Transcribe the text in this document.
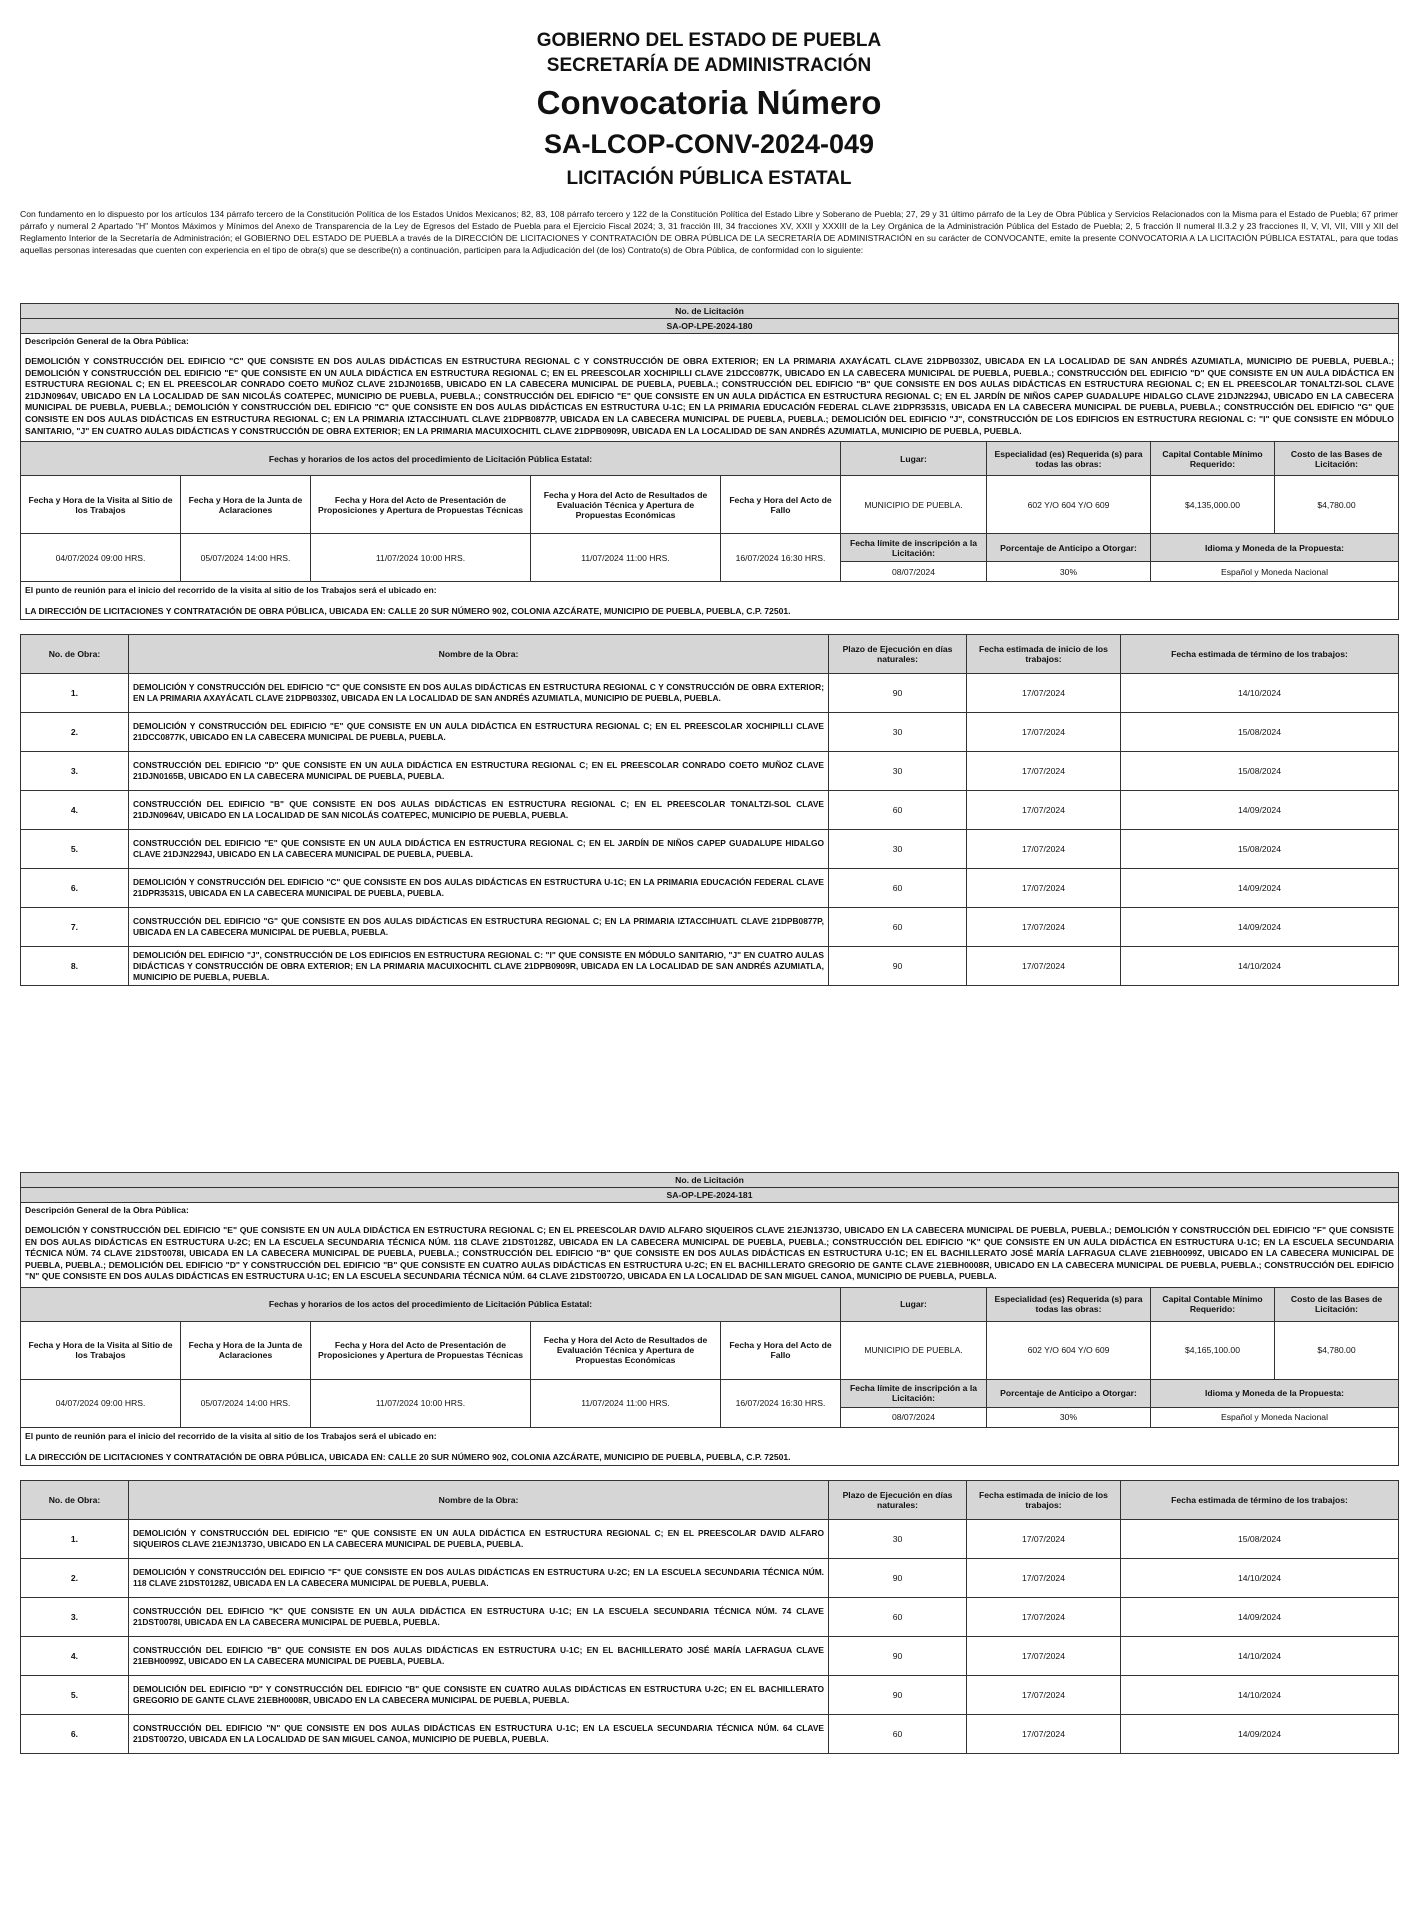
GOBIERNO DEL ESTADO DE PUEBLA
SECRETARÍA DE ADMINISTRACIÓN
Convocatoria Número
SA-LCOP-CONV-2024-049
LICITACIÓN PÚBLICA ESTATAL
Con fundamento en lo dispuesto por los artículos 134 párrafo tercero de la Constitución Política de los Estados Unidos Mexicanos; 82, 83, 108 párrafo tercero y 122 de la Constitución Política del Estado Libre y Soberano de Puebla; 27, 29 y 31 último párrafo de la Ley de Obra Pública y Servicios Relacionados con la Misma para el Estado de Puebla; 67 primer párrafo y numeral 2 Apartado "H" Montos Máximos y Mínimos del Anexo de Transparencia de la Ley de Egresos del Estado de Puebla para el Ejercicio Fiscal 2024; 3, 31 fracción III, 34 fracciones XV, XXII y XXXIII de la Ley Orgánica de la Administración Pública del Estado de Puebla; 2, 5 fracción II numeral II.3.2 y 23 fracciones II, V, VI, VII, VIII y XII del Reglamento Interior de la Secretaría de Administración; el GOBIERNO DEL ESTADO DE PUEBLA a través de la DIRECCIÓN DE LICITACIONES Y CONTRATACIÓN DE OBRA PÚBLICA DE LA SECRETARÍA DE ADMINISTRACIÓN en su carácter de CONVOCANTE, emite la presente CONVOCATORIA A LA LICITACIÓN PÚBLICA ESTATAL, para que todas aquellas personas interesadas que cuenten con experiencia en el tipo de obra(s) que se describe(n) a continuación, participen para la Adjudicación del (de los) Contrato(s) de Obra Pública, de conformidad con lo siguiente:
No. de Licitación								
SA-OP-LPE-2024-180								
Descripción General de la Obra Pública:								
DEMOLICIÓN Y CONSTRUCCIÓN DEL EDIFICIO "C" QUE CONSISTE EN DOS AULAS DIDÁCTICAS EN ESTRUCTURA REGIONAL C Y CONSTRUCCIÓN DE OBRA EXTERIOR; EN LA PRIMARIA AXAYÁCATL CLAVE 21DPB0330Z, UBICADA EN LA LOCALIDAD DE SAN ANDRÉS AZUMIATLA, MUNICIPIO DE PUEBLA, PUEBLA.; DEMOLICIÓN Y CONSTRUCCIÓN DEL EDIFICIO "E" QUE CONSISTE EN UN AULA DIDÁCTICA EN ESTRUCTURA REGIONAL C; EN EL PREESCOLAR XOCHIPILLI CLAVE 21DCC0877K, UBICADO EN LA CABECERA MUNICIPAL DE PUEBLA, PUEBLA.; CONSTRUCCIÓN DEL EDIFICIO "D" QUE CONSISTE EN UN AULA DIDÁCTICA EN ESTRUCTURA REGIONAL C; EN EL PREESCOLAR CONRADO COETO MUÑOZ CLAVE 21DJN0165B, UBICADO EN LA CABECERA MUNICIPAL DE PUEBLA, PUEBLA.; CONSTRUCCIÓN DEL EDIFICIO "B" QUE CONSISTE EN DOS AULAS DIDÁCTICAS EN ESTRUCTURA REGIONAL C; EN EL PREESCOLAR TONALTZI-SOL CLAVE 21DJN0964V, UBICADO EN LA LOCALIDAD DE SAN NICOLÁS COATEPEC, MUNICIPIO DE PUEBLA, PUEBLA.; CONSTRUCCIÓN DEL EDIFICIO "E" QUE CONSISTE EN UN AULA DIDÁCTICA EN ESTRUCTURA REGIONAL C; EN EL JARDÍN DE NIÑOS CAPEP GUADALUPE HIDALGO CLAVE 21DJN2294J, UBICADO EN LA CABECERA MUNICIPAL DE PUEBLA, PUEBLA.; DEMOLICIÓN Y CONSTRUCCIÓN DEL EDIFICIO "C" QUE CONSISTE EN DOS AULAS DIDÁCTICAS EN ESTRUCTURA U-1C; EN LA PRIMARIA EDUCACIÓN FEDERAL CLAVE 21DPR3531S, UBICADA EN LA CABECERA MUNICIPAL DE PUEBLA, PUEBLA.; CONSTRUCCIÓN DEL EDIFICIO "G" QUE CONSISTE EN DOS AULAS DIDÁCTICAS EN ESTRUCTURA REGIONAL C; EN LA PRIMARIA IZTACCIHUATL CLAVE 21DPB0877P, UBICADA EN LA CABECERA MUNICIPAL DE PUEBLA, PUEBLA.; DEMOLICIÓN DEL EDIFICIO "J", CONSTRUCCIÓN DE LOS EDIFICIOS EN ESTRUCTURA REGIONAL C: "I" QUE CONSISTE EN MÓDULO SANITARIO, "J" EN CUATRO AULAS DIDÁCTICAS Y CONSTRUCCIÓN DE OBRA EXTERIOR; EN LA PRIMARIA MACUIXOCHITL CLAVE 21DPB0909R, UBICADA EN LA LOCALIDAD DE SAN ANDRÉS AZUMIATLA, MUNICIPIO DE PUEBLA, PUEBLA.								
Fechas y horarios de los actos del procedimiento de Licitación Pública Estatal:					Lugar:	Especialidad (es) Requerida (s) para todas las obras:	Capital Contable Mínimo Requerido:	Costo de las Bases de Licitación:
Fecha y Hora de la Visita al Sitio de los Trabajos	Fecha y Hora de la Junta de Aclaraciones	Fecha y Hora del Acto de Presentación de Proposiciones y Apertura de Propuestas Técnicas	Fecha y Hora del Acto de Resultados de Evaluación Técnica y Apertura de Propuestas Económicas	Fecha y Hora del Acto de Fallo	MUNICIPIO DE PUEBLA.	602 Y/O 604 Y/O 609	$4,135,000.00	$4,780.00
04/07/2024 09:00 HRS.	05/07/2024 14:00 HRS.	11/07/2024 10:00 HRS.	11/07/2024 11:00 HRS.	16/07/2024 16:30 HRS.	Fecha límite de inscripción a la Licitación:	Porcentaje de Anticipo a Otorgar:	Idioma y Moneda de la Propuesta:	
					08/07/2024	30%	Español y Moneda Nacional	
El punto de reunión para el inicio del recorrido de la visita al sitio de los Trabajos será el ubicado en:								
LA DIRECCIÓN DE LICITACIONES Y CONTRATACIÓN DE OBRA PÚBLICA, UBICADA EN: CALLE 20 SUR NÚMERO 902, COLONIA AZCÁRATE, MUNICIPIO DE PUEBLA, PUEBLA, C.P. 72501.								
No. de Obra:	Nombre de la Obra:	Plazo de Ejecución en días naturales:	Fecha estimada de inicio de los trabajos:	Fecha estimada de término de los trabajos:
1.	DEMOLICIÓN Y CONSTRUCCIÓN DEL EDIFICIO "C" QUE CONSISTE EN DOS AULAS DIDÁCTICAS EN ESTRUCTURA REGIONAL C Y CONSTRUCCIÓN DE OBRA EXTERIOR; EN LA PRIMARIA AXAYÁCATL CLAVE 21DPB0330Z, UBICADA EN LA LOCALIDAD DE SAN ANDRÉS AZUMIATLA, MUNICIPIO DE PUEBLA, PUEBLA.	90	17/07/2024	14/10/2024
2.	DEMOLICIÓN Y CONSTRUCCIÓN DEL EDIFICIO "E" QUE CONSISTE EN UN AULA DIDÁCTICA EN ESTRUCTURA REGIONAL C; EN EL PREESCOLAR XOCHIPILLI CLAVE 21DCC0877K, UBICADO EN LA CABECERA MUNICIPAL DE PUEBLA, PUEBLA.	30	17/07/2024	15/08/2024
3.	CONSTRUCCIÓN DEL EDIFICIO "D" QUE CONSISTE EN UN AULA DIDÁCTICA EN ESTRUCTURA REGIONAL C; EN EL PREESCOLAR CONRADO COETO MUÑOZ CLAVE 21DJN0165B, UBICADO EN LA CABECERA MUNICIPAL DE PUEBLA, PUEBLA.	30	17/07/2024	15/08/2024
4.	CONSTRUCCIÓN DEL EDIFICIO "B" QUE CONSISTE EN DOS AULAS DIDÁCTICAS EN ESTRUCTURA REGIONAL C; EN EL PREESCOLAR TONALTZI-SOL CLAVE 21DJN0964V, UBICADO EN LA LOCALIDAD DE SAN NICOLÁS COATEPEC, MUNICIPIO DE PUEBLA, PUEBLA.	60	17/07/2024	14/09/2024
5.	CONSTRUCCIÓN DEL EDIFICIO "E" QUE CONSISTE EN UN AULA DIDÁCTICA EN ESTRUCTURA REGIONAL C; EN EL JARDÍN DE NIÑOS CAPEP GUADALUPE HIDALGO CLAVE 21DJN2294J, UBICADO EN LA CABECERA MUNICIPAL DE PUEBLA, PUEBLA.	30	17/07/2024	15/08/2024
6.	DEMOLICIÓN Y CONSTRUCCIÓN DEL EDIFICIO "C" QUE CONSISTE EN DOS AULAS DIDÁCTICAS EN ESTRUCTURA U-1C; EN LA PRIMARIA EDUCACIÓN FEDERAL CLAVE 21DPR3531S, UBICADA EN LA CABECERA MUNICIPAL DE PUEBLA, PUEBLA.	60	17/07/2024	14/09/2024
7.	CONSTRUCCIÓN DEL EDIFICIO "G" QUE CONSISTE EN DOS AULAS DIDÁCTICAS EN ESTRUCTURA REGIONAL C; EN LA PRIMARIA IZTACCIHUATL CLAVE 21DPB0877P, UBICADA EN LA CABECERA MUNICIPAL DE PUEBLA, PUEBLA.	60	17/07/2024	14/09/2024
8.	DEMOLICIÓN DEL EDIFICIO "J", CONSTRUCCIÓN DE LOS EDIFICIOS EN ESTRUCTURA REGIONAL C: "I" QUE CONSISTE EN MÓDULO SANITARIO, "J" EN CUATRO AULAS DIDÁCTICAS Y CONSTRUCCIÓN DE OBRA EXTERIOR; EN LA PRIMARIA MACUIXOCHITL CLAVE 21DPB0909R, UBICADA EN LA LOCALIDAD DE SAN ANDRÉS AZUMIATLA, MUNICIPIO DE PUEBLA, PUEBLA.	90	17/07/2024	14/10/2024
No. de Licitación								
SA-OP-LPE-2024-181								
Descripción General de la Obra Pública:								
DEMOLICIÓN Y CONSTRUCCIÓN DEL EDIFICIO "E" QUE CONSISTE EN UN AULA DIDÁCTICA EN ESTRUCTURA REGIONAL C; EN EL PREESCOLAR DAVID ALFARO SIQUEIROS CLAVE 21EJN1373O, UBICADO EN LA CABECERA MUNICIPAL DE PUEBLA, PUEBLA.; DEMOLICIÓN Y CONSTRUCCIÓN DEL EDIFICIO "F" QUE CONSISTE EN DOS AULAS DIDÁCTICAS EN ESTRUCTURA U-2C; EN LA ESCUELA SECUNDARIA TÉCNICA NÚM. 118 CLAVE 21DST0128Z, UBICADA EN LA CABECERA MUNICIPAL DE PUEBLA, PUEBLA.; CONSTRUCCIÓN DEL EDIFICIO "K" QUE CONSISTE EN UN AULA DIDÁCTICA EN ESTRUCTURA U-1C; EN LA ESCUELA SECUNDARIA TÉCNICA NÚM. 74 CLAVE 21DST0078I, UBICADA EN LA CABECERA MUNICIPAL DE PUEBLA, PUEBLA.; CONSTRUCCIÓN DEL EDIFICIO "B" QUE CONSISTE EN DOS AULAS DIDÁCTICAS EN ESTRUCTURA U-1C; EN EL BACHILLERATO JOSÉ MARÍA LAFRAGUA CLAVE 21EBH0099Z, UBICADO EN LA CABECERA MUNICIPAL DE PUEBLA, PUEBLA.; DEMOLICIÓN DEL EDIFICIO "D" Y CONSTRUCCIÓN DEL EDIFICIO "B" QUE CONSISTE EN CUATRO AULAS DIDÁCTICAS EN ESTRUCTURA U-2C; EN EL BACHILLERATO GREGORIO DE GANTE CLAVE 21EBH0008R, UBICADO EN LA CABECERA MUNICIPAL DE PUEBLA, PUEBLA.; CONSTRUCCIÓN DEL EDIFICIO "N" QUE CONSISTE EN DOS AULAS DIDÁCTICAS EN ESTRUCTURA U-1C; EN LA ESCUELA SECUNDARIA TÉCNICA NÚM. 64 CLAVE 21DST0072O, UBICADA EN LA LOCALIDAD DE SAN MIGUEL CANOA, MUNICIPIO DE PUEBLA, PUEBLA.								
Fechas y horarios de los actos del procedimiento de Licitación Pública Estatal:					Lugar:	Especialidad (es) Requerida (s) para todas las obras:	Capital Contable Mínimo Requerido:	Costo de las Bases de Licitación:
Fecha y Hora de la Visita al Sitio de los Trabajos	Fecha y Hora de la Junta de Aclaraciones	Fecha y Hora del Acto de Presentación de Proposiciones y Apertura de Propuestas Técnicas	Fecha y Hora del Acto de Resultados de Evaluación Técnica y Apertura de Propuestas Económicas	Fecha y Hora del Acto de Fallo	MUNICIPIO DE PUEBLA.	602 Y/O 604 Y/O 609	$4,165,100.00	$4,780.00
04/07/2024 09:00 HRS.	05/07/2024 14:00 HRS.	11/07/2024 10:00 HRS.	11/07/2024 11:00 HRS.	16/07/2024 16:30 HRS.	Fecha límite de inscripción a la Licitación:	Porcentaje de Anticipo a Otorgar:	Idioma y Moneda de la Propuesta:	
					08/07/2024	30%	Español y Moneda Nacional	
El punto de reunión para el inicio del recorrido de la visita al sitio de los Trabajos será el ubicado en:								
LA DIRECCIÓN DE LICITACIONES Y CONTRATACIÓN DE OBRA PÚBLICA, UBICADA EN: CALLE 20 SUR NÚMERO 902, COLONIA AZCÁRATE, MUNICIPIO DE PUEBLA, PUEBLA, C.P. 72501.								
No. de Obra:	Nombre de la Obra:	Plazo de Ejecución en días naturales:	Fecha estimada de inicio de los trabajos:	Fecha estimada de término de los trabajos:
1.	DEMOLICIÓN Y CONSTRUCCIÓN DEL EDIFICIO "E" QUE CONSISTE EN UN AULA DIDÁCTICA EN ESTRUCTURA REGIONAL C; EN EL PREESCOLAR DAVID ALFARO SIQUEIROS CLAVE 21EJN1373O, UBICADO EN LA CABECERA MUNICIPAL DE PUEBLA, PUEBLA.	30	17/07/2024	15/08/2024
2.	DEMOLICIÓN Y CONSTRUCCIÓN DEL EDIFICIO "F" QUE CONSISTE EN DOS AULAS DIDÁCTICAS EN ESTRUCTURA U-2C; EN LA ESCUELA SECUNDARIA TÉCNICA NÚM. 118 CLAVE 21DST0128Z, UBICADA EN LA CABECERA MUNICIPAL DE PUEBLA, PUEBLA.	90	17/07/2024	14/10/2024
3.	CONSTRUCCIÓN DEL EDIFICIO "K" QUE CONSISTE EN UN AULA DIDÁCTICA EN ESTRUCTURA U-1C; EN LA ESCUELA SECUNDARIA TÉCNICA NÚM. 74 CLAVE 21DST0078I, UBICADA EN LA CABECERA MUNICIPAL DE PUEBLA, PUEBLA.	60	17/07/2024	14/09/2024
4.	CONSTRUCCIÓN DEL EDIFICIO "B" QUE CONSISTE EN DOS AULAS DIDÁCTICAS EN ESTRUCTURA U-1C; EN EL BACHILLERATO JOSÉ MARÍA LAFRAGUA CLAVE 21EBH0099Z, UBICADO EN LA CABECERA MUNICIPAL DE PUEBLA, PUEBLA.	90	17/07/2024	14/10/2024
5.	DEMOLICIÓN DEL EDIFICIO "D" Y CONSTRUCCIÓN DEL EDIFICIO "B" QUE CONSISTE EN CUATRO AULAS DIDÁCTICAS EN ESTRUCTURA U-2C; EN EL BACHILLERATO GREGORIO DE GANTE CLAVE 21EBH0008R, UBICADO EN LA CABECERA MUNICIPAL DE PUEBLA, PUEBLA.	90	17/07/2024	14/10/2024
6.	CONSTRUCCIÓN DEL EDIFICIO "N" QUE CONSISTE EN DOS AULAS DIDÁCTICAS EN ESTRUCTURA U-1C; EN LA ESCUELA SECUNDARIA TÉCNICA NÚM. 64 CLAVE 21DST0072O, UBICADA EN LA LOCALIDAD DE SAN MIGUEL CANOA, MUNICIPIO DE PUEBLA, PUEBLA.	60	17/07/2024	14/09/2024
